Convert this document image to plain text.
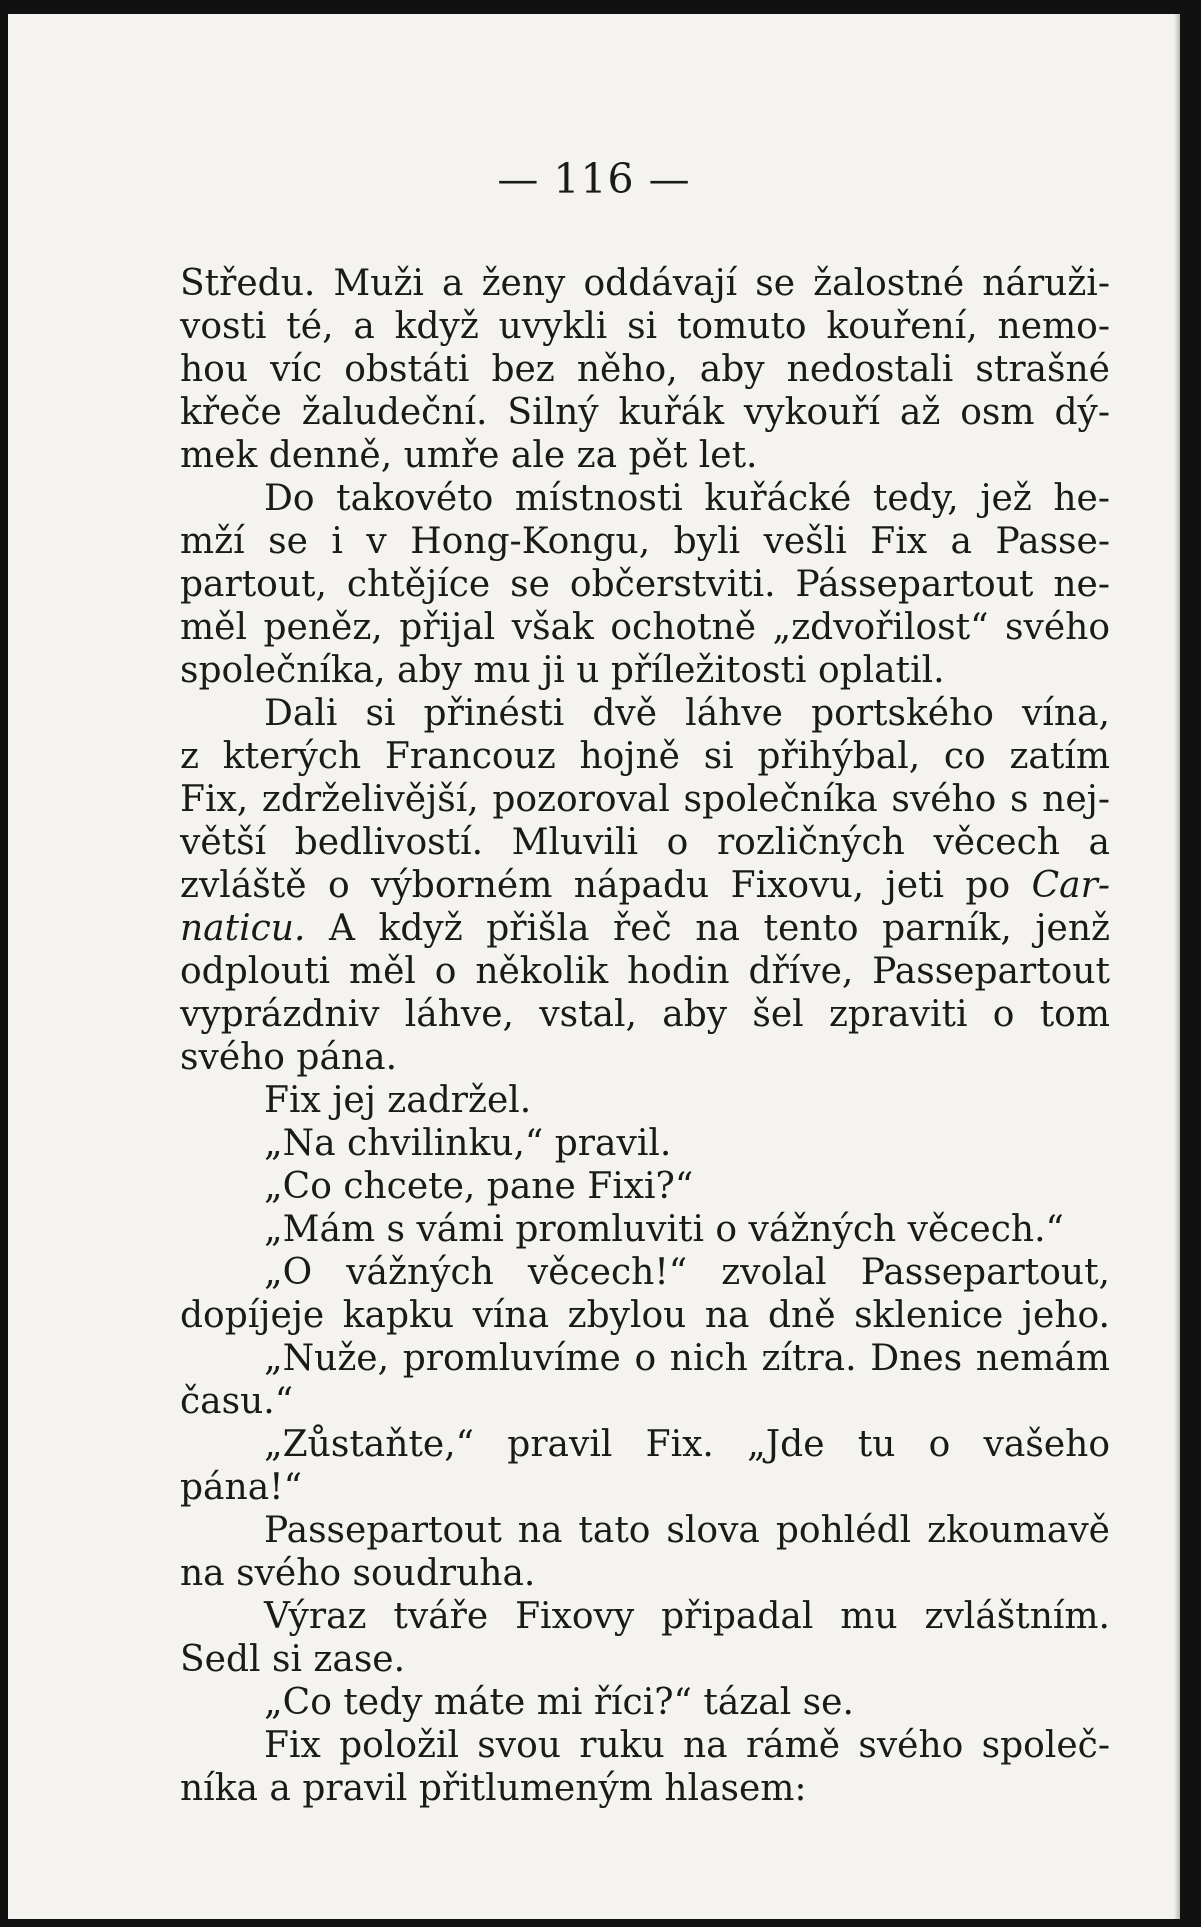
— 116 —
Středu. Muži a ženy oddávají se žalostné náruži-
vosti té, a když uvykli si tomuto kouření, nemo-
hou víc obstáti bez něho, aby nedostali strašné
křeče žaludeční. Silný kuřák vykouří až osm dý-
mek denně, umře ale za pět let.
Do takovéto místnosti kuřácké tedy, jež he-
mží se i v Hong-Kongu, byli vešli Fix a Passe-
partout, chtějíce se občerstviti. Pássepartout ne-
měl peněz, přijal však ochotně „zdvořilost“ svého
společníka, aby mu ji u příležitosti oplatil.
Dali si přinésti dvě láhve portského vína,
z kterých Francouz hojně si přihýbal, co zatím
Fix, zdrželivější, pozoroval společníka svého s nej-
větší bedlivostí. Mluvili o rozličných věcech a
zvláště o výborném nápadu Fixovu, jeti po Car-
naticu. A když přišla řeč na tento parník, jenž
odplouti měl o několik hodin dříve, Passepartout
vyprázdniv láhve, vstal, aby šel zpraviti o tom
svého pána.
Fix jej zadržel.
„Na chvilinku,“ pravil.
„Co chcete, pane Fixi?“
„Mám s vámi promluviti o vážných věcech.“
„O vážných věcech!“ zvolal Passepartout,
dopíjeje kapku vína zbylou na dně sklenice jeho.
„Nuže, promluvíme o nich zítra. Dnes nemám
času.“
„Zůstaňte,“ pravil Fix. „Jde tu o vašeho
pána!“
Passepartout na tato slova pohlédl zkoumavě
na svého soudruha.
Výraz tváře Fixovy připadal mu zvláštním.
Sedl si zase.
„Co tedy máte mi říci?“ tázal se.
Fix položil svou ruku na rámě svého společ-
níka a pravil přitlumeným hlasem:
